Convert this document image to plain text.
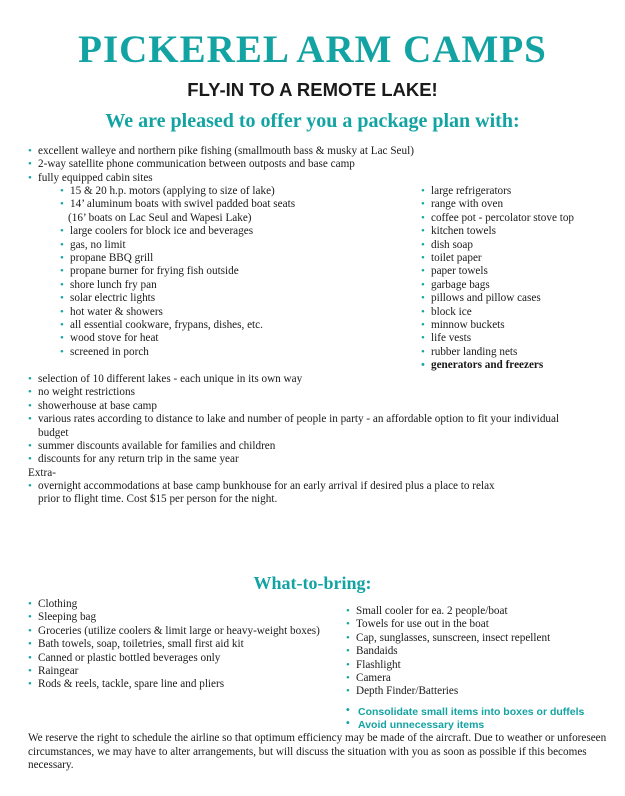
PICKEREL ARM CAMPS
FLY-IN TO A REMOTE LAKE!
We are pleased to offer you a package plan with:
• excellent walleye and northern pike fishing (smallmouth bass & musky at Lac Seul)
• 2-way satellite phone communication between outposts and base camp
• fully equipped cabin sites
• 15 & 20 h.p. motors (applying to size of lake)
• 14’ aluminum boats with swivel padded boat seats
(16’ boats on Lac Seul and Wapesi Lake)
• large coolers for block ice and beverages
• gas, no limit
• propane BBQ grill
• propane burner for frying fish outside
• shore lunch fry pan
• solar electric lights
• hot water & showers
• all essential cookware, frypans, dishes, etc.
• wood stove for heat
• screened in porch
• large refrigerators
• range with oven
• coffee pot - percolator stove top
• kitchen towels
• dish soap
• toilet paper
• paper towels
• garbage bags
• pillows and pillow cases
• block ice
• minnow buckets
• life vests
• rubber landing nets
• generators and freezers
• selection of 10 different lakes - each unique in its own way
• no weight restrictions
• showerhouse at base camp
• various rates according to distance to lake and number of people in party - an affordable option to fit your individual budget
• summer discounts available for families and children
• discounts for any return trip in the same year
Extra-
• overnight accommodations at base camp bunkhouse for an early arrival if desired plus a place to relax
prior to flight time. Cost $15 per person for the night.
What-to-bring:
• Clothing
• Sleeping bag
• Groceries (utilize coolers & limit large or heavy-weight boxes)
• Bath towels, soap, toiletries, small first aid kit
• Canned or plastic bottled beverages only
• Raingear
• Rods & reels, tackle, spare line and pliers
• Small cooler for ea. 2 people/boat
• Towels for use out in the boat
• Cap, sunglasses, sunscreen, insect repellent
• Bandaids
• Flashlight
• Camera
• Depth Finder/Batteries
• Consolidate small items into boxes or duffels
• Avoid unnecessary items

We reserve the right to schedule the airline so that optimum efficiency may be made of the aircraft. Due to weather or unforeseen circumstances, we may have to alter arrangements, but will discuss the situation with you as soon as possible if this becomes necessary.
